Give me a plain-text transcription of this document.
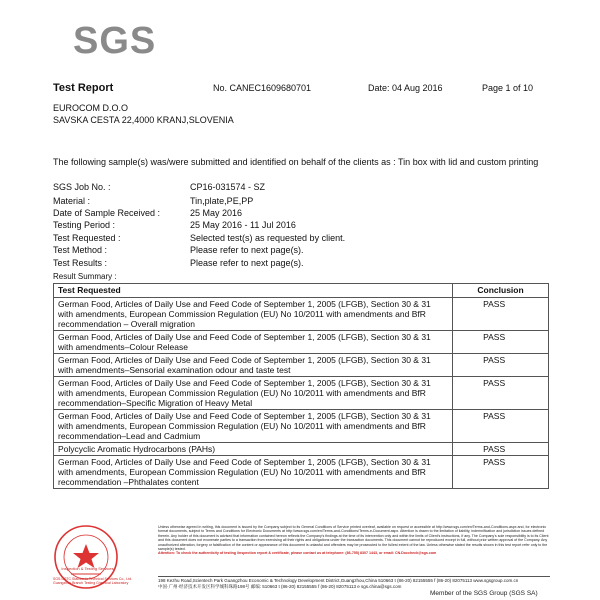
SGS
Test Report	No. CANEC1609680701	Date: 04 Aug 2016	Page 1 of 10
EUROCOM D.O.O
SAVSKA CESTA 22,4000 KRANJ,SLOVENIA
The following sample(s) was/were submitted and identified on behalf of the clients as : Tin box with lid and custom printing
SGS Job No. :	CP16-031574 - SZ
Material :	Tin,plate,PE,PP
Date of Sample Received :	25 May 2016
Testing Period :	25 May 2016 - 11 Jul 2016
Test Requested :	Selected test(s) as requested by client.
Test Method :	Please refer to next page(s).
Test Results :	Please refer to next page(s).
Result Summary :
Test Requested	Conclusion
German Food, Articles of Daily Use and Feed Code of September 1, 2005 (LFGB), Section 30 & 31 with amendments, European Commission Regulation (EU) No 10/2011 with amendments and BfR recommendation – Overall migration	PASS
German Food, Articles of Daily Use and Feed Code of September 1, 2005 (LFGB), Section 30 & 31 with amendments–Colour Release	PASS
German Food, Articles of Daily Use and Feed Code of September 1, 2005 (LFGB), Section 30 & 31 with amendments–Sensorial examination odour and taste test	PASS
German Food, Articles of Daily Use and Feed Code of September 1, 2005 (LFGB), Section 30 & 31 with amendments, European Commission Regulation (EU) No 10/2011 with amendments and BfR recommendation–Specific Migration of Heavy Metal	PASS
German Food, Articles of Daily Use and Feed Code of September 1, 2005 (LFGB), Section 30 & 31 with amendments, European Commission Regulation (EU) No 10/2011 with amendments and BfR recommendation–Lead and Cadmium	PASS
Polycyclic Aromatic Hydrocarbons (PAHs)	PASS
German Food, Articles of Daily Use and Feed Code of September 1, 2005 (LFGB), Section 30 & 31 with amendments, European Commission Regulation (EU) No 10/2011 with amendments and BfR recommendation –Phthalates content	PASS
Inspection & Testing Services
SGS-CSTC Standards Technical Services Co., Ltd. Guangzhou Branch Testing Chemical Laboratory
Unless otherwise agreed in writing, this document is issued by the Company subject to its General Conditions of Service printed overleaf, available on request or accessible at http://www.sgs.com/en/Terms-and-Conditions.aspx and, for electronic format documents, subject to Terms and Conditions for Electronic Documents at http://www.sgs.com/en/Terms-and-Conditions/Terms-e-Document.aspx. Attention is drawn to the limitation of liability, indemnification and jurisdiction issues defined therein. Any holder of this document is advised that information contained hereon reflects the Company's findings at the time of its intervention only and within the limits of Client's instructions, if any. The Company's sole responsibility is to its Client and this document does not exonerate parties to a transaction from exercising all their rights and obligations under the transaction documents. This document cannot be reproduced except in full, without prior written approval of the Company. Any unauthorized alteration, forgery or falsification of the content or appearance of this document is unlawful and offenders may be prosecuted to the fullest extent of the law. Unless otherwise stated the results shown in this test report refer only to the sample(s) tested.
Attention: To check the authenticity of testing /inspection report & certificate, please contact us at telephone: (86-755) 8307 1443, or email: CN.Doccheck@sgs.com
198 Kezhu Road,Scientech Park Guangzhou Economic & Technology Development District,Guangzhou,China 510663 t (86-20) 82155555 f (86-20) 82075113 www.sgsgroup.com.cn
中国·广州·经济技术开发区科学城科珠路198号 邮编: 510663 t (86-20) 82155555 f (86-20) 82075113 e sgs.china@sgs.com
Member of the SGS Group (SGS SA)
